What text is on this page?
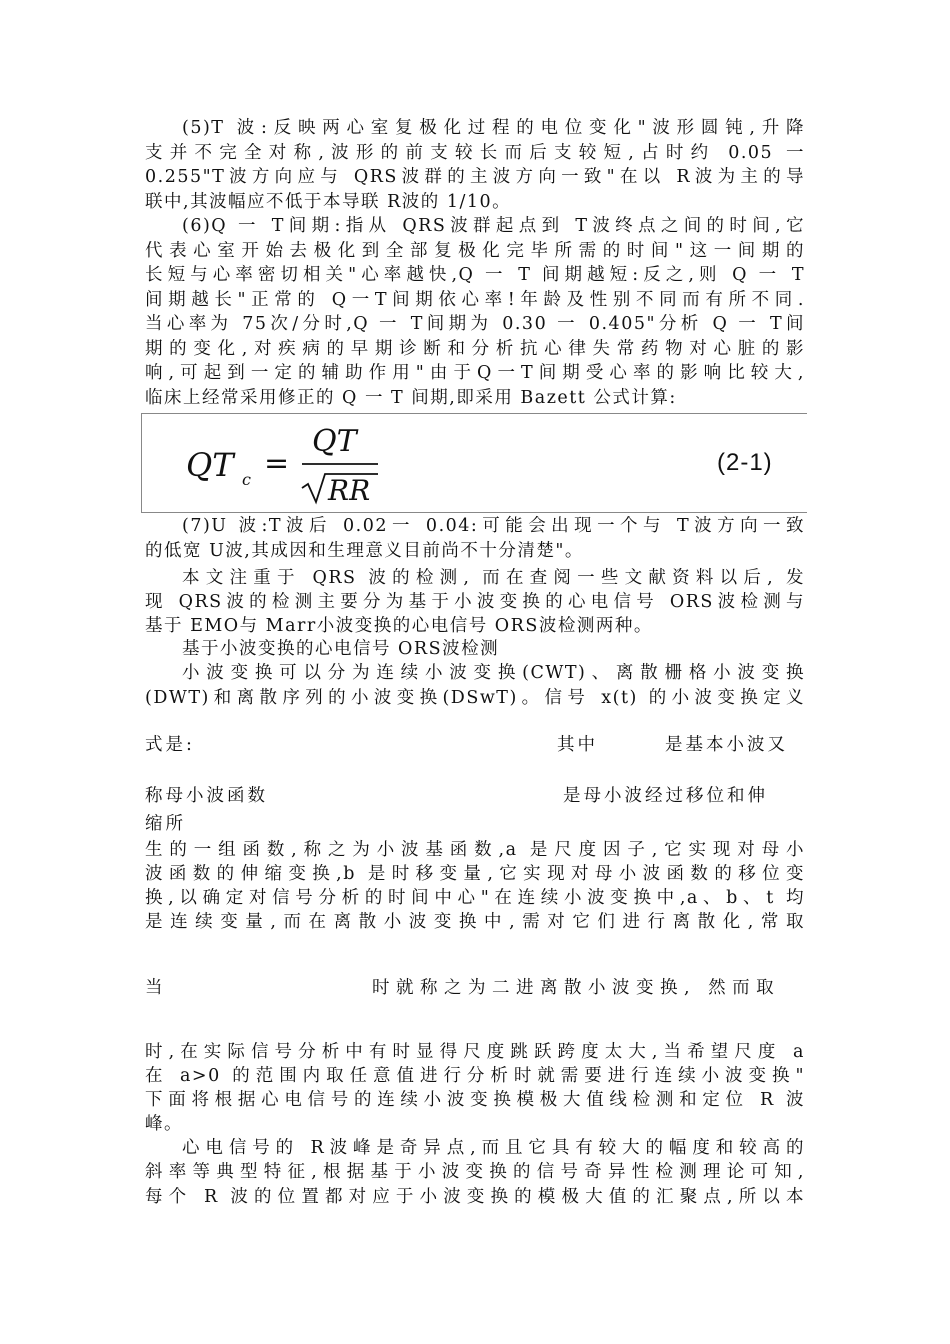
(5)T 波:反映两心室复极化过程的电位变化"波形圆钝,升降
支并不完全对称,波形的前支较长而后支较短,占时约 0.05 一
0.255"T波方向应与 QRS波群的主波方向一致"在以 R波为主的导
联中,其波幅应不低于本导联 R波的 1/10。
(6)Q 一 T间期:指从 QRS波群起点到 T波终点之间的时间,它
代表心室开始去极化到全部复极化完毕所需的时间"这一间期的
长短与心率密切相关"心率越快,Q 一 T 间期越短:反之,则 Q 一 T
间期越长"正常的 Q一T间期依心率!年龄及性别不同而有所不同.
当心率为 75次/分时,Q 一 T间期为 0.30 一 0.405"分析 Q 一 T间
期的变化,对疾病的早期诊断和分析抗心律失常药物对心脏的影
响,可起到一定的辅助作用"由于Q一T间期受心率的影响比较大,
临床上经常采用修正的 Q 一 T 间期,即采用 Bazett 公式计算:
QT c =
QT
RR
(2-1)
(7)U 波:T波后 0.02一 0.04:可能会出现一个与 T波方向一致
的低宽 U波,其成因和生理意义目前尚不十分清楚"。
本文注重于 QRS 波的检测, 而在查阅一些文献资料以后, 发
现 QRS波的检测主要分为基于小波变换的心电信号 ORS波检测与
基于 EMO与 Marr小波变换的心电信号 ORS波检测两种。
基于小波变换的心电信号 ORS波检测
小波变换可以分为连续小波变换(CWT)、离散栅格小波变换
(DWT)和离散序列的小波变换(DSwT)。信号 x(t) 的小波变换定义
式是:	其中	是基本小波又
称母小波函数	是母小波经过移位和伸
缩所
生的一组函数,称之为小波基函数,a 是尺度因子,它实现对母小
波函数的伸缩变换,b 是时移变量,它实现对母小波函数的移位变
换,以确定对信号分析的时间中心"在连续小波变换中,a、b、t 均
是连续变量,而在离散小波变换中,需对它们进行离散化,常取
当	时就称之为二进离散小波变换, 然而取
时,在实际信号分析中有时显得尺度跳跃跨度太大,当希望尺度 a
在 a>0 的范围内取任意值进行分析时就需要进行连续小波变换"
下面将根据心电信号的连续小波变换模极大值线检测和定位 R 波
峰。
心电信号的 R波峰是奇异点,而且它具有较大的幅度和较高的
斜率等典型特征,根据基于小波变换的信号奇异性检测理论可知,
每个 R 波的位置都对应于小波变换的模极大值的汇聚点,所以本
